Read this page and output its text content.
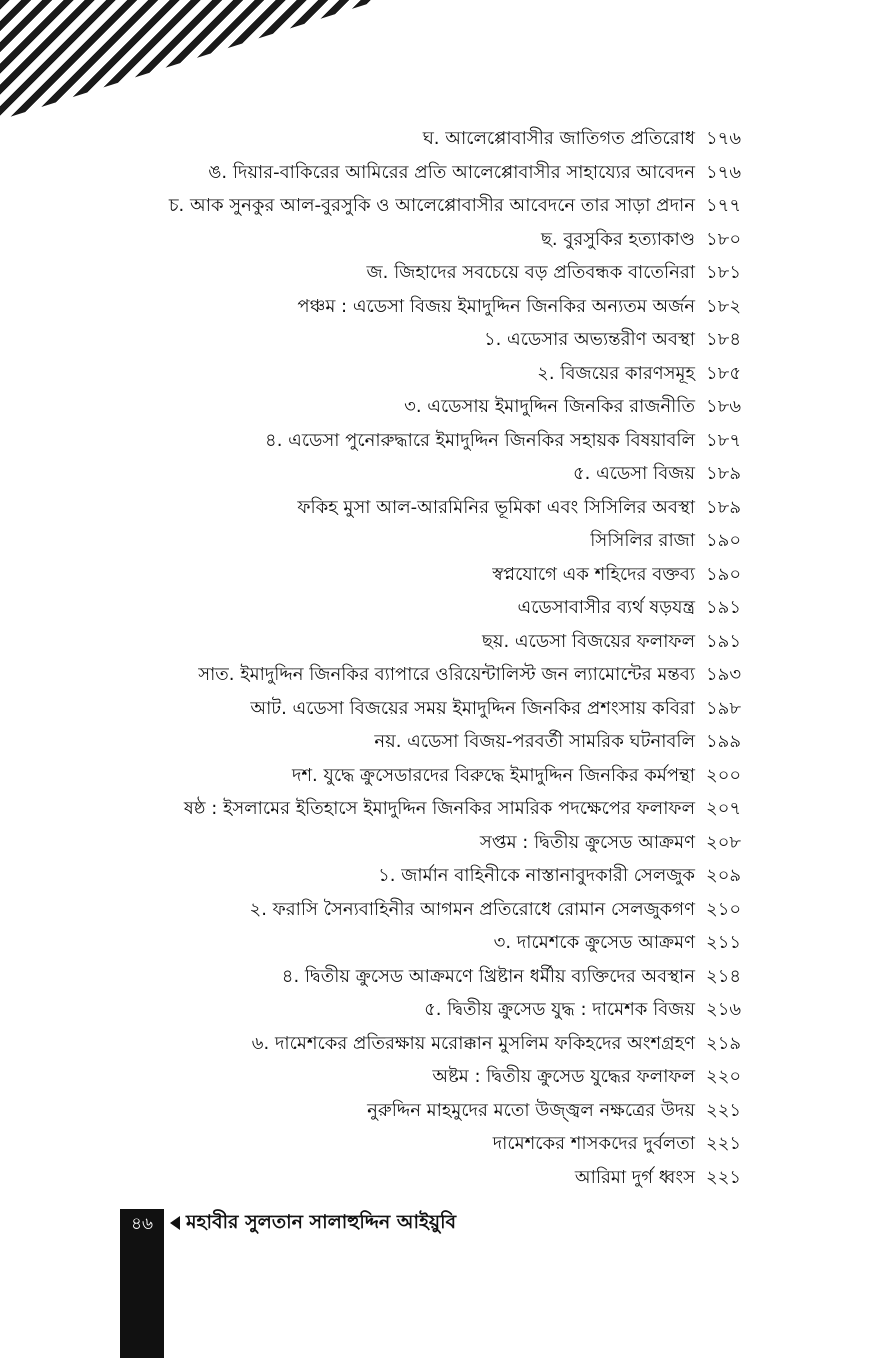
ঘ. আলেপ্পোবাসীর জাতিগত প্রতিরোধ ১৭৬
ঙ. দিয়ার-বাকিরের আমিরের প্রতি আলেপ্পোবাসীর সাহায্যের আবেদন ১৭৬
চ. আক সুনকুর আল-বুরসুকি ও আলেপ্পোবাসীর আবেদনে তার সাড়া প্রদান ১৭৭
ছ. বুরসুকির হত্যাকাণ্ড ১৮০
জ. জিহাদের সবচেয়ে বড় প্রতিবন্ধক বাতেনিরা ১৮১
পঞ্চম : এডেসা বিজয় ইমাদুদ্দিন জিনকির অন্যতম অর্জন ১৮২
১. এডেসার অভ্যন্তরীণ অবস্থা ১৮৪
২. বিজয়ের কারণসমূহ ১৮৫
৩. এডেসায় ইমাদুদ্দিন জিনকির রাজনীতি ১৮৬
৪. এডেসা পুনোরুদ্ধারে ইমাদুদ্দিন জিনকির সহায়ক বিষয়াবলি ১৮৭
৫. এডেসা বিজয় ১৮৯
ফকিহ মুসা আল-আরমিনির ভূমিকা এবং সিসিলির অবস্থা ১৮৯
সিসিলির রাজা ১৯০
স্বপ্নযোগে এক শহিদের বক্তব্য ১৯০
এডেসাবাসীর ব্যর্থ ষড়যন্ত্র ১৯১
ছয়. এডেসা বিজয়ের ফলাফল ১৯১
সাত. ইমাদুদ্দিন জিনকির ব্যাপারে ওরিয়েন্টালিস্ট জন ল্যামোন্টের মন্তব্য ১৯৩
আট. এডেসা বিজয়ের সময় ইমাদুদ্দিন জিনকির প্রশংসায় কবিরা ১৯৮
নয়. এডেসা বিজয়-পরবর্তী সামরিক ঘটনাবলি ১৯৯
দশ. যুদ্ধে ক্রুসেডারদের বিরুদ্ধে ইমাদুদ্দিন জিনকির কর্মপন্থা ২০০
ষষ্ঠ : ইসলামের ইতিহাসে ইমাদুদ্দিন জিনকির সামরিক পদক্ষেপের ফলাফল ২০৭
সপ্তম : দ্বিতীয় ক্রুসেড আক্রমণ ২০৮
১. জার্মান বাহিনীকে নাস্তানাবুদকারী সেলজুক ২০৯
২. ফরাসি সৈন্যবাহিনীর আগমন প্রতিরোধে রোমান সেলজুকগণ ২১০
৩. দামেশকে ক্রুসেড আক্রমণ ২১১
৪. দ্বিতীয় ক্রুসেড আক্রমণে খ্রিষ্টান ধর্মীয় ব্যক্তিদের অবস্থান ২১৪
৫. দ্বিতীয় ক্রুসেড যুদ্ধ : দামেশক বিজয় ২১৬
৬. দামেশকের প্রতিরক্ষায় মরোক্কান মুসলিম ফকিহদের অংশগ্রহণ ২১৯
অষ্টম : দ্বিতীয় ক্রুসেড যুদ্ধের ফলাফল ২২০
নুরুদ্দিন মাহমুদের মতো উজ্জ্বল নক্ষত্রের উদয় ২২১
দামেশকের শাসকদের দুর্বলতা ২২১
আরিমা দুর্গ ধ্বংস ২২১
৪৬	মহাবীর সুলতান সালাহুদ্দিন আইয়ুবি
